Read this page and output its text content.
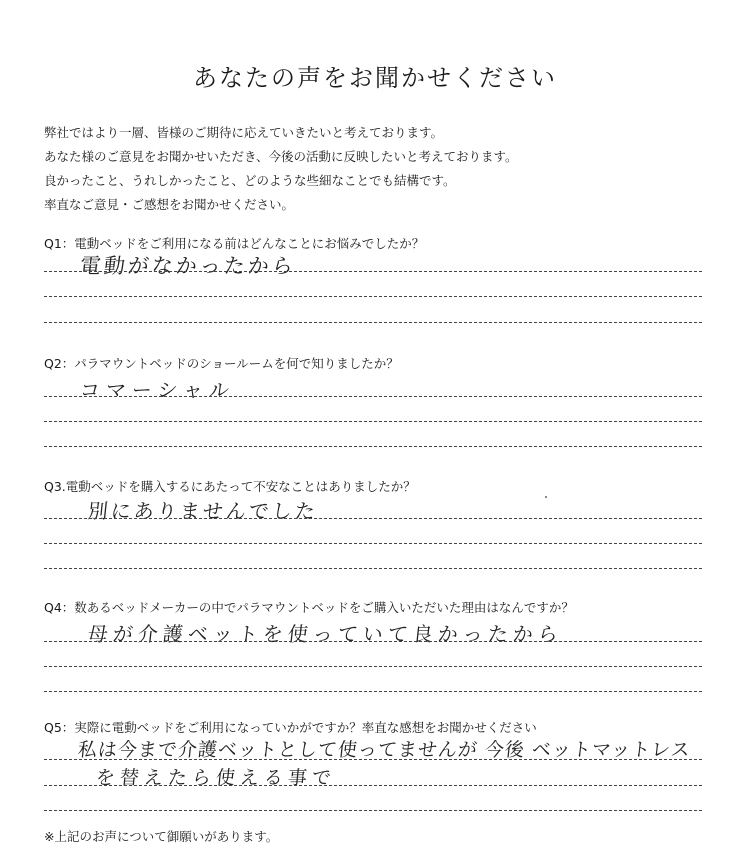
あなたの声をお聞かせください

弊社ではより一層、皆様のご期待に応えていきたいと考えております。

あなた様のご意見をお聞かせいただき、今後の活動に反映したいと考えております。

良かったこと、うれしかったこと、どのような些細なことでも結構です。

率直なご意見・ご感想をお聞かせください。

Q1：電動ベッドをご利用になる前はどんなことにお悩みでしたか？
電動がなかったから
Q2：パラマウントベッドのショールームを何で知りましたか？
コマーシャル
Q3.電動ベッドを購入するにあたって不安なことはありましたか？
別にありませんでした
Q4：数あるベッドメーカーの中でパラマウントベッドをご購入いただいた理由はなんですか？
母が介護ベットを使っていて良かったから
Q5：実際に電動ベッドをご利用になっていかがですか？率直な感想をお聞かせください
私は今まで介護ベットとして使ってませんが 今後 ベットマットレス
を替えたら使える事で
※上記のお声について御願いがあります。
